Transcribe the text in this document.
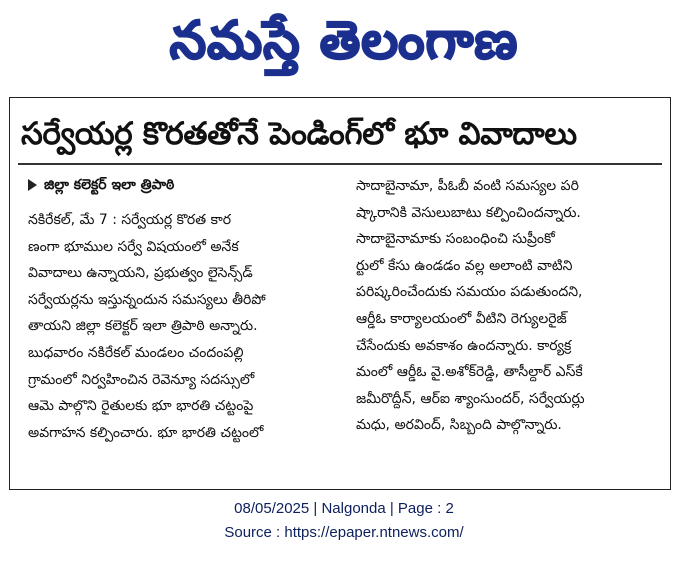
నమస్తే తెలంగాణ
సర్వేయర్ల కొరతతోనే పెండింగ్‌లో భూ వివాదాలు
జిల్లా కలెక్టర్ ఇలా త్రిపాఠి
నకిరేకల్, మే 7 : సర్వేయర్ల కొరత కార
ణంగా భూముల సర్వే విషయంలో అనేక
వివాదాలు ఉన్నాయని, ప్రభుత్వం లైసెన్స్‌డ్
సర్వేయర్లను ఇస్తున్నందున సమస్యలు తీరిపో
తాయని జిల్లా కలెక్టర్ ఇలా త్రిపాఠి అన్నారు.
బుధవారం నకిరేకల్ మండలం చందంపల్లి
గ్రామంలో నిర్వహించిన రెవెన్యూ సదస్సులో
ఆమె పాల్గొని రైతులకు భూ భారతి చట్టంపై
అవగాహన కల్పించారు. భూ భారతి చట్టంలో
సాదాబైనామా, పీఓబీ వంటి సమస్యల పరి
ష్కారానికి వెసులుబాటు కల్పించిందన్నారు.
సాదాబైనామాకు సంబంధించి సుప్రీంకో
ర్టులో కేసు ఉండడం వల్ల అలాంటి వాటిని
పరిష్కరించేందుకు సమయం పడుతుందని,
ఆర్డీఓ కార్యాలయంలో వీటిని రెగ్యులరైజ్
చేసేందుకు అవకాశం ఉందన్నారు. కార్యక్ర
మంలో ఆర్డీఓ వై.అశోక్‌రెడ్డి, తాసీల్దార్ ఎస్‌కే
జమీరొద్దీన్, ఆర్ఐ శ్యాంసుందర్, సర్వేయర్లు
మధు, అరవింద్, సిబ్బంది పాల్గొన్నారు.
08/05/2025 | Nalgonda | Page : 2
Source : https://epaper.ntnews.com/
